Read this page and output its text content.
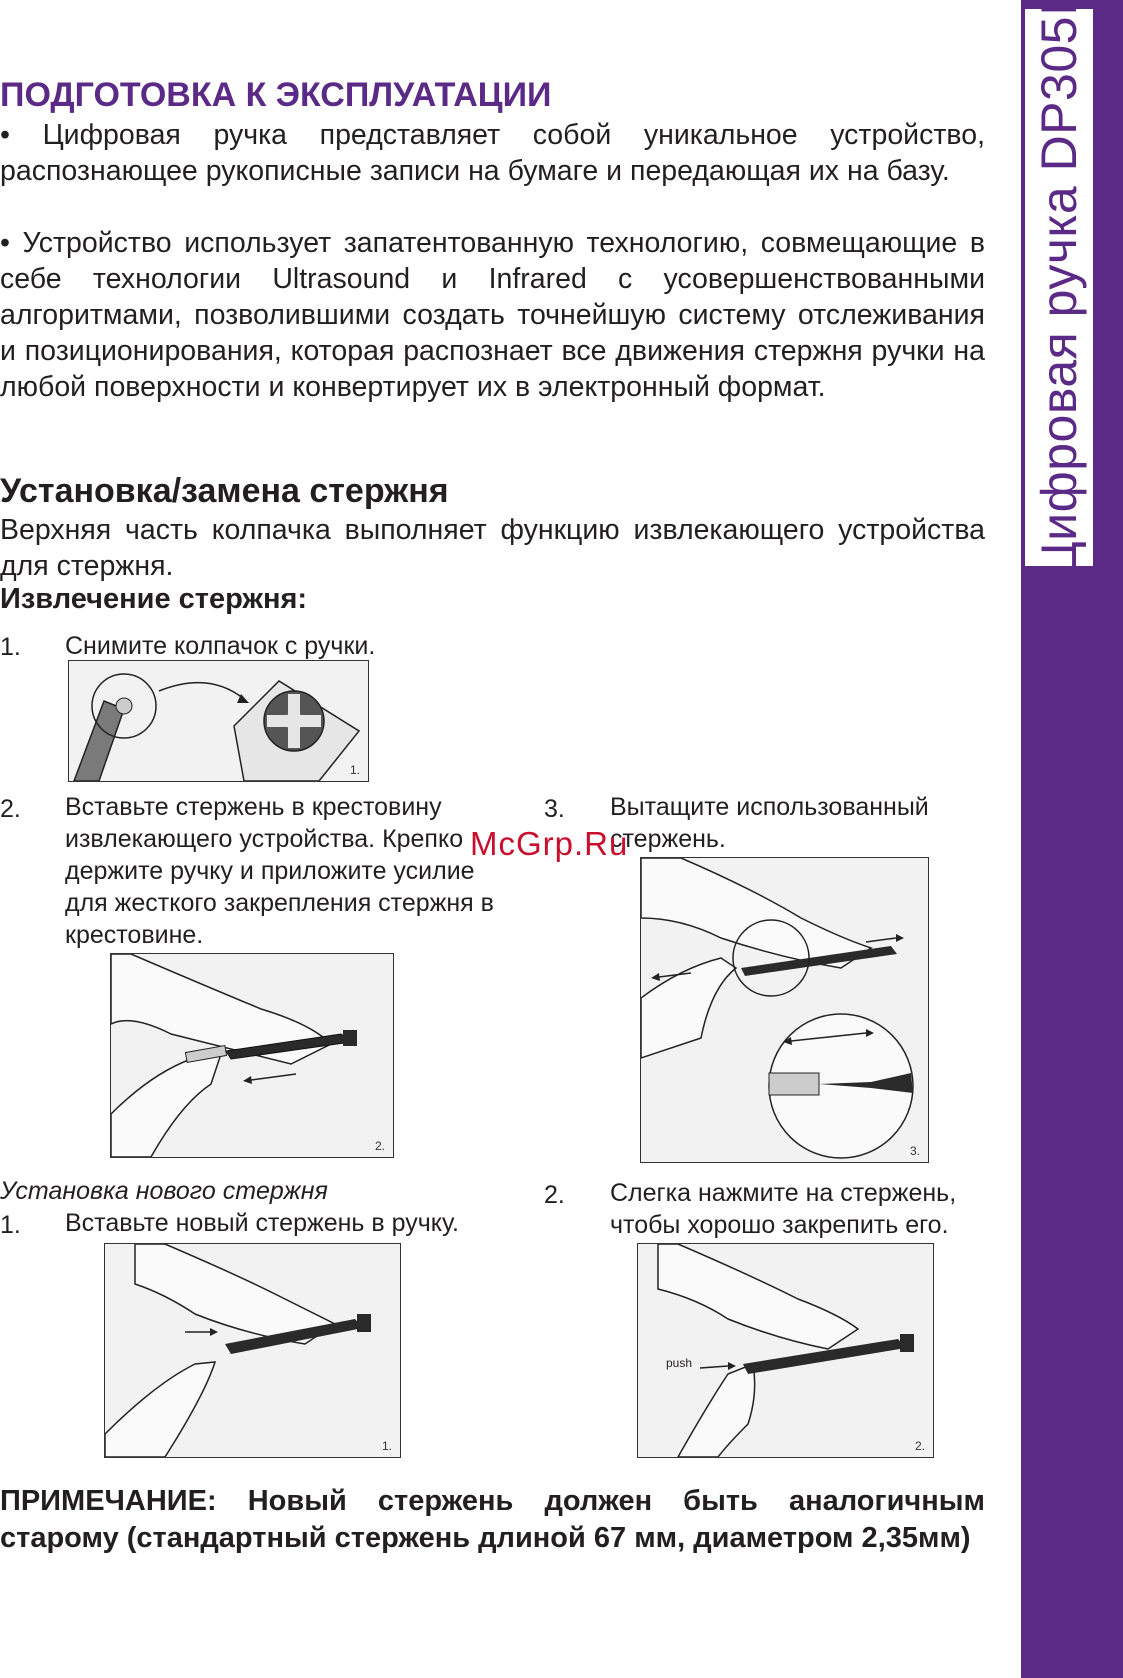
Цифровая ручка DP305I
ПОДГОТОВКА К ЭКСПЛУАТАЦИИ
• Цифровая ручка представляет собой уникальное устройство, распознающее рукописные записи на бумаге и передающая их на базу.
• Устройство использует запатентованную технологию, совмещающие в себе технологии Ultrasound и Infrared с усовершенствованными алгоритмами, позволившими создать точнейшую систему отслеживания и позиционирования, которая распознает все движения стержня ручки на любой поверхности и конвертирует их в электронный формат.
Установка/замена стержня
Верхняя часть колпачка выполняет функцию извлекающего устройства для стержня.
Извлечение стержня:
1. Снимите колпачок с ручки.
1.
2. Вставьте стержень в крестовину извлекающего устройства. Крепко держите ручку и приложите усилие для жесткого закрепления стержня в крестовине.
3. Вытащите использованный стержень.
2.	3.
McGrp.Ru
Установка нового стержня
1. Вставьте новый стержень в ручку.
2. Слегка нажмите на стержень, чтобы хорошо закрепить его.
1.
push
2.
ПРИМЕЧАНИЕ: Новый стержень должен быть аналогичным старому (стандартный стержень длиной 67 мм, диаметром 2,35мм)
